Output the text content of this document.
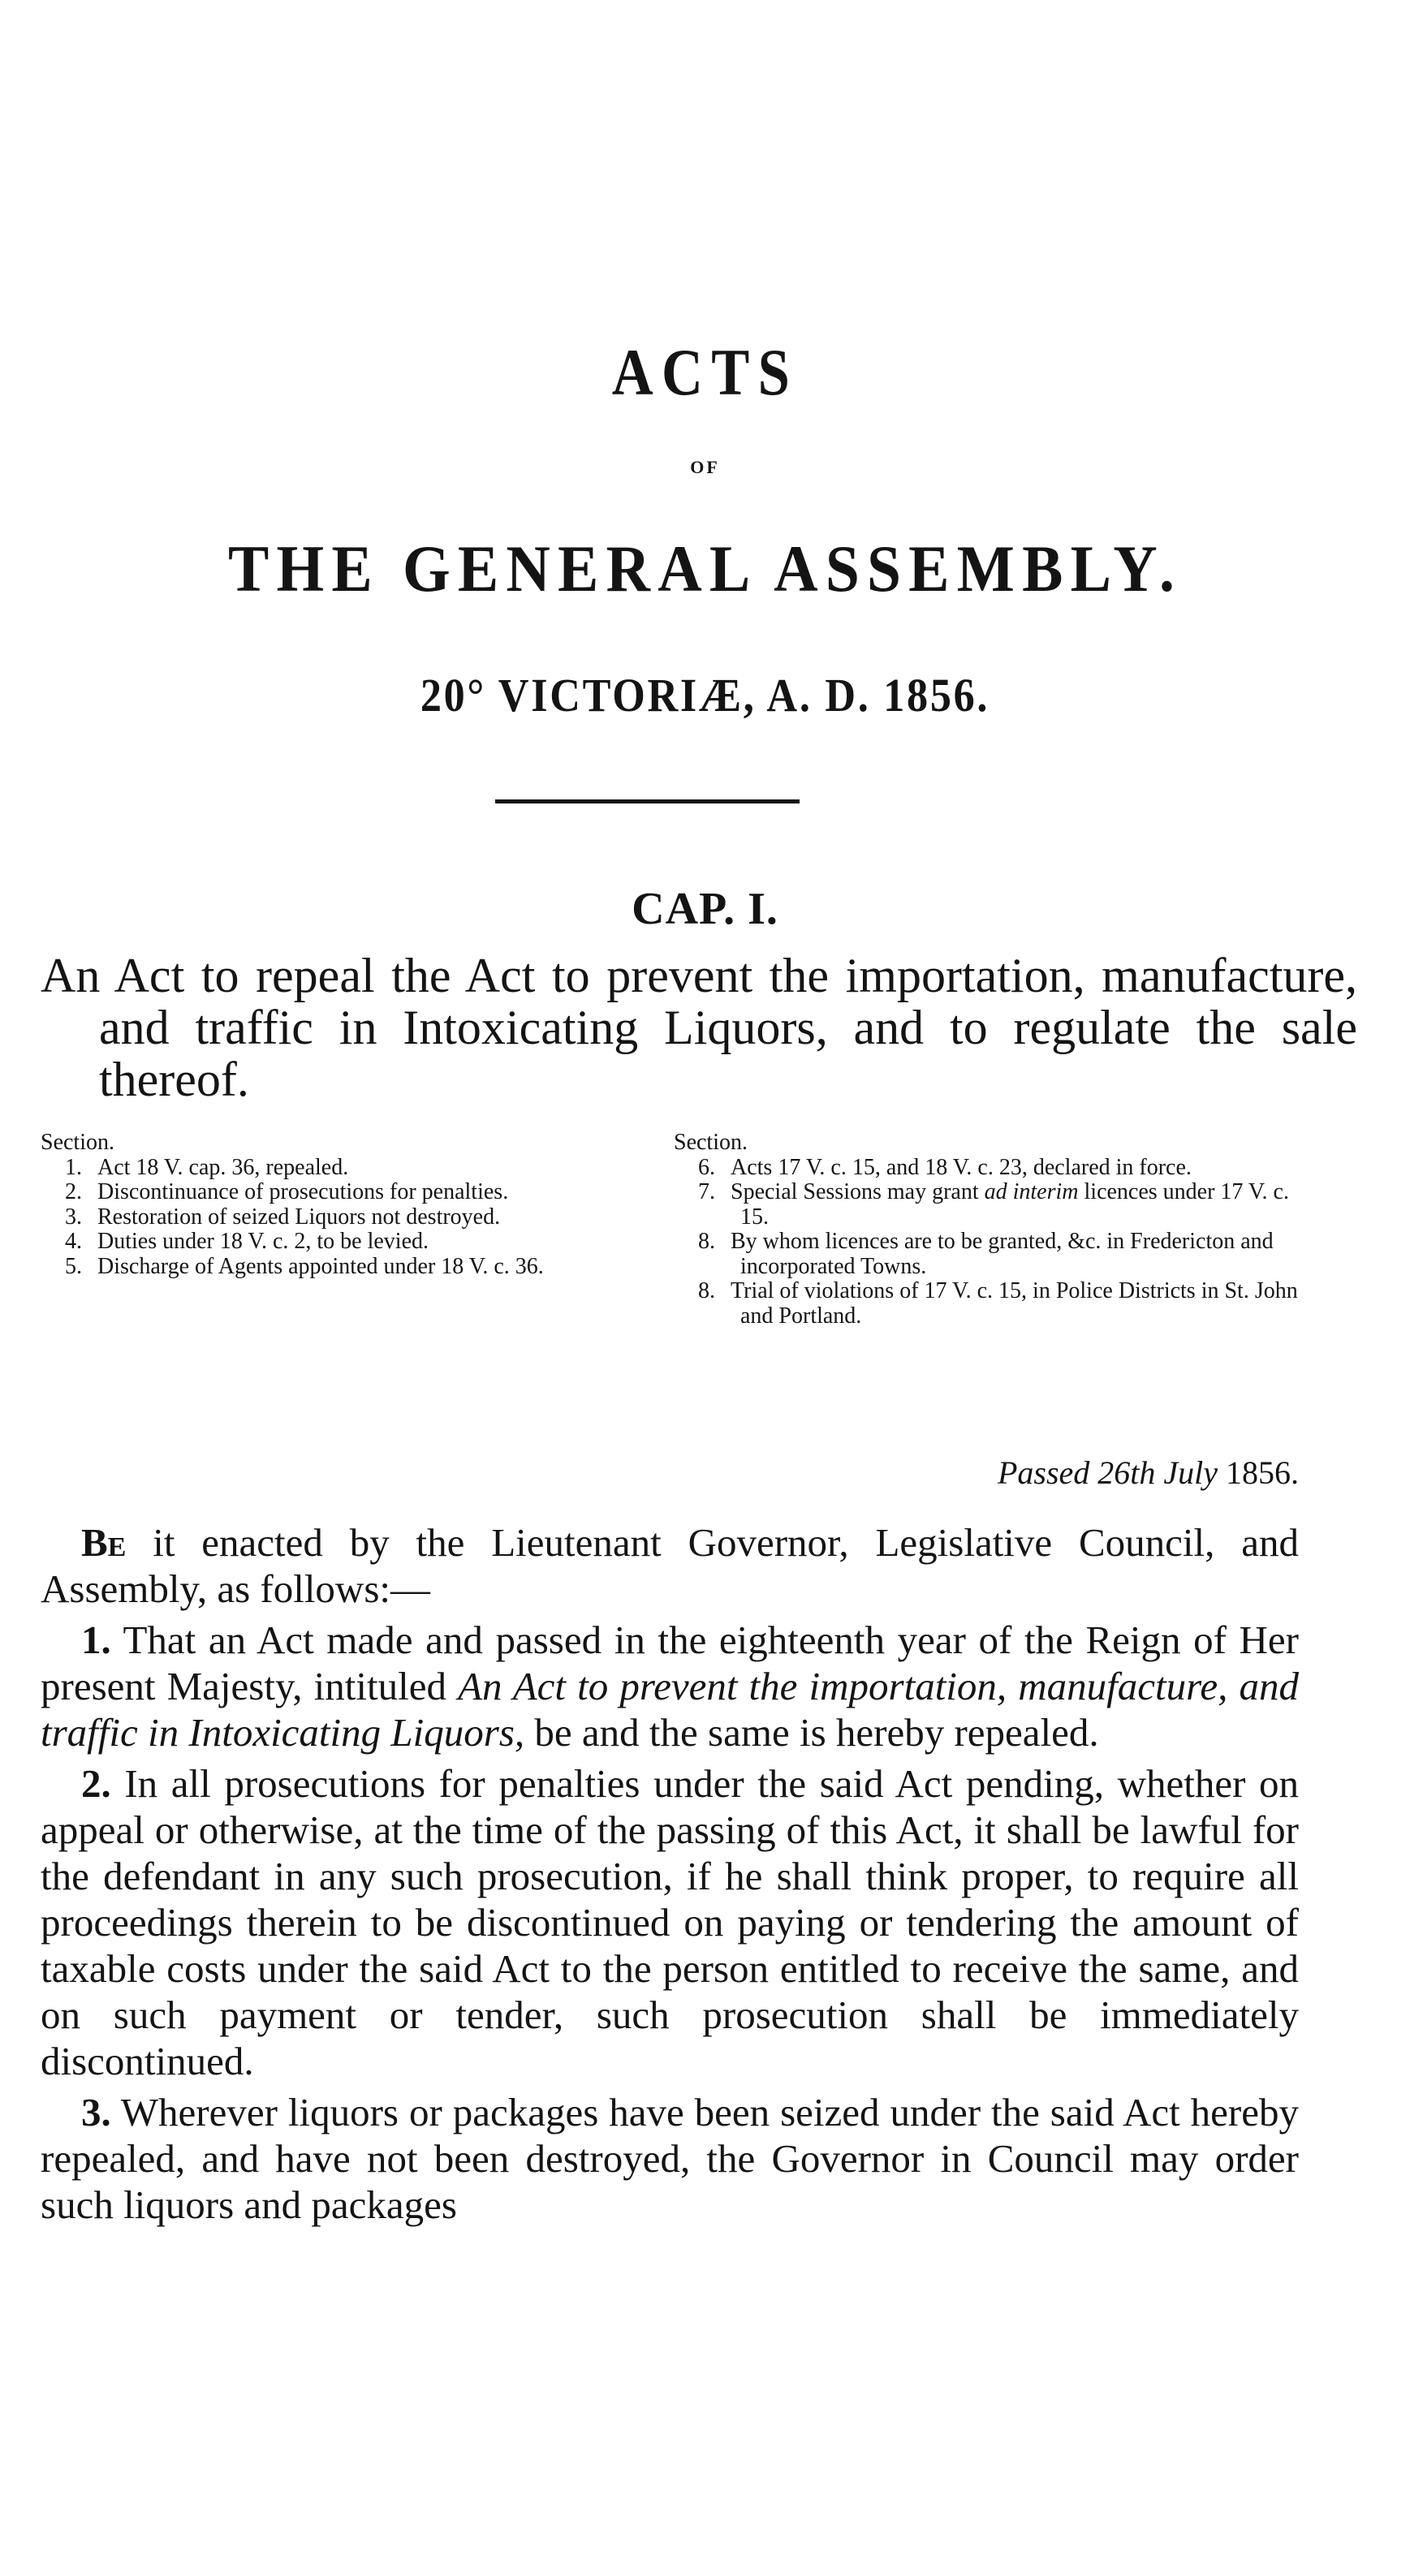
ACTS
OF
THE GENERAL ASSEMBLY.
20° VICTORIÆ, A. D. 1856.
CAP. I.
An Act to repeal the Act to prevent the importation, manufacture, and traffic in Intoxicating Liquors, and to regulate the sale thereof.
Section.
1. Act 18 V. cap. 36, repealed.
2. Discontinuance of prosecutions for penalties.
3. Restoration of seized Liquors not destroyed.
4. Duties under 18 V. c. 2, to be levied.
5. Discharge of Agents appointed under 18 V. c. 36.
Section.
6. Acts 17 V. c. 15, and 18 V. c. 23, declared in force.
7. Special Sessions may grant ad interim licences under 17 V. c. 15.
8. By whom licences are to be granted, &c. in Fredericton and incorporated Towns.
8. Trial of violations of 17 V. c. 15, in Police Districts in St. John and Portland.
Passed 26th July 1856.

Be it enacted by the Lieutenant Governor, Legislative Council, and Assembly, as follows:—

1. That an Act made and passed in the eighteenth year of the Reign of Her present Majesty, intituled An Act to prevent the importation, manufacture, and traffic in Intoxicating Liquors, be and the same is hereby repealed.

2. In all prosecutions for penalties under the said Act pending, whether on appeal or otherwise, at the time of the passing of this Act, it shall be lawful for the defendant in any such prosecution, if he shall think proper, to require all proceedings therein to be discontinued on paying or tendering the amount of taxable costs under the said Act to the person entitled to receive the same, and on such payment or tender, such prosecution shall be immediately discontinued.

3. Wherever liquors or packages have been seized under the said Act hereby repealed, and have not been destroyed, the Governor in Council may order such liquors and packages
